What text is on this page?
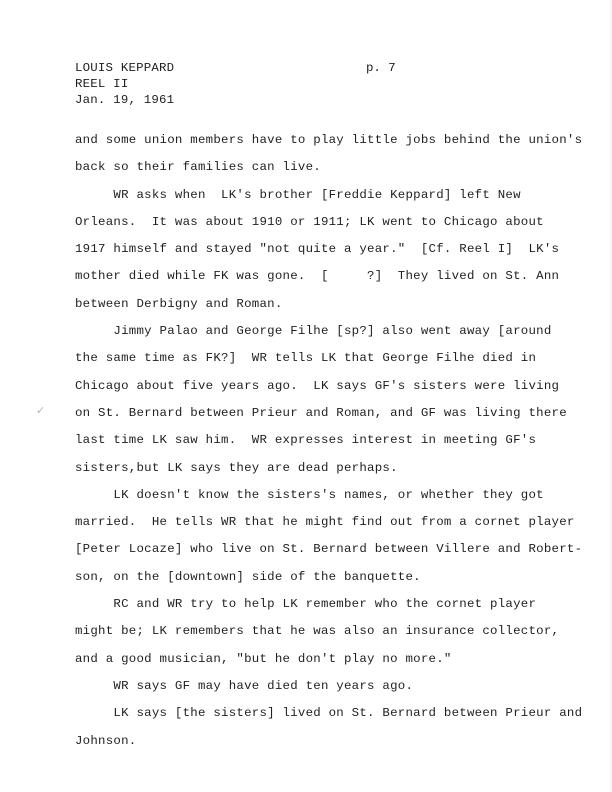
LOUIS KEPPARD
REEL II
Jan. 19, 1961
p. 7
✓
and some union members have to play little jobs behind the union's
back so their families can live.
WR asks when  LK's brother [Freddie Keppard] left New
Orleans.  It was about 1910 or 1911; LK went to Chicago about
1917 himself and stayed "not quite a year."  [Cf. Reel I]  LK's
mother died while FK was gone.  [     ?]  They lived on St. Ann
between Derbigny and Roman.
Jimmy Palao and George Filhe [sp?] also went away [around
the same time as FK?]  WR tells LK that George Filhe died in
Chicago about five years ago.  LK says GF's sisters were living
on St. Bernard between Prieur and Roman, and GF was living there
last time LK saw him.  WR expresses interest in meeting GF's
sisters,but LK says they are dead perhaps.
LK doesn't know the sisters's names, or whether they got
married.  He tells WR that he might find out from a cornet player
[Peter Locaze] who live on St. Bernard between Villere and Robert-
son, on the [downtown] side of the banquette.
RC and WR try to help LK remember who the cornet player
might be; LK remembers that he was also an insurance collector,
and a good musician, "but he don't play no more."
WR says GF may have died ten years ago.
LK says [the sisters] lived on St. Bernard between Prieur and
Johnson.
